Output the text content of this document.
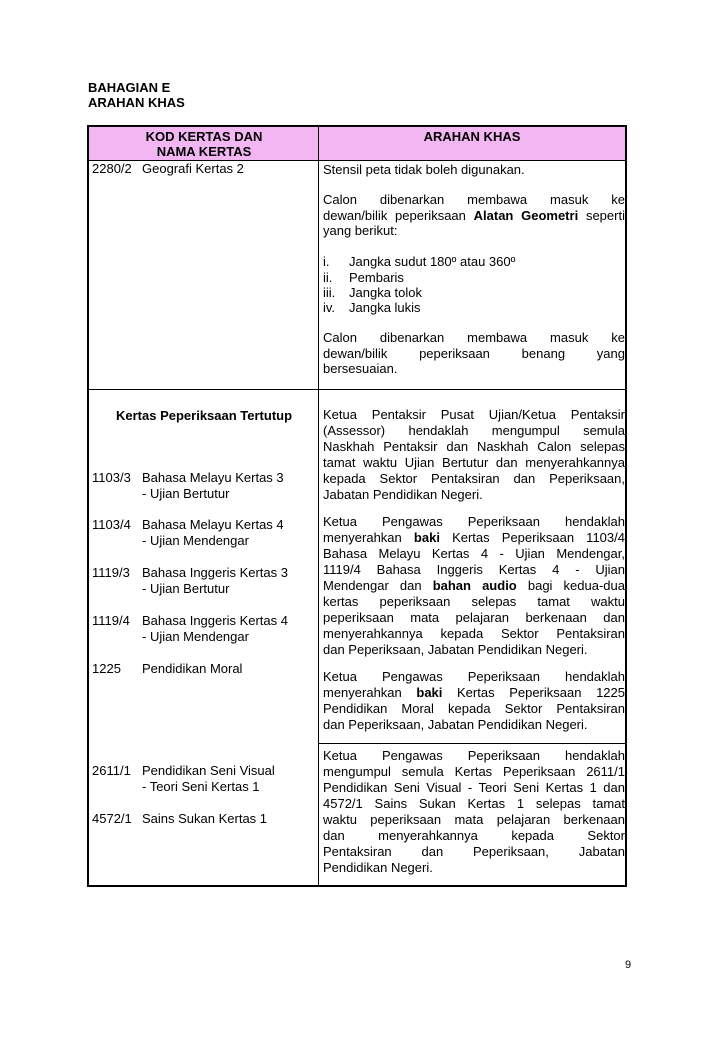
BAHAGIAN E
ARAHAN KHAS
KOD KERTAS DAN
NAMA KERTAS
ARAHAN KHAS
2280/2 Geografi Kertas 2	Stensil peta tidak boleh digunakan.
Calon dibenarkan membawa masuk ke
dewan/bilik peperiksaan Alatan Geometri seperti
yang berikut:
i. Jangka sudut 180º atau 360º
ii. Pembaris
iii. Jangka tolok
iv. Jangka lukis
Calon dibenarkan membawa masuk ke
dewan/bilik peperiksaan benang yang
bersesuaian.
Kertas Peperiksaan Tertutup
1103/3 Bahasa Melayu Kertas 3
- Ujian Bertutur
1103/4 Bahasa Melayu Kertas 4
- Ujian Mendengar
1119/3 Bahasa Inggeris Kertas 3
- Ujian Bertutur
1119/4 Bahasa Inggeris Kertas 4
- Ujian Mendengar
1225 Pendidikan Moral
Ketua Pentaksir Pusat Ujian/Ketua Pentaksir
(Assessor) hendaklah mengumpul semula
Naskhah Pentaksir dan Naskhah Calon selepas
tamat waktu Ujian Bertutur dan menyerahkannya
kepada Sektor Pentaksiran dan Peperiksaan,
Jabatan Pendidikan Negeri.
Ketua Pengawas Peperiksaan hendaklah
menyerahkan baki Kertas Peperiksaan 1103/4
Bahasa Melayu Kertas 4 - Ujian Mendengar,
1119/4 Bahasa Inggeris Kertas 4 - Ujian
Mendengar dan bahan audio bagi kedua-dua
kertas peperiksaan selepas tamat waktu
peperiksaan mata pelajaran berkenaan dan
menyerahkannya kepada Sektor Pentaksiran
dan Peperiksaan, Jabatan Pendidikan Negeri.
Ketua Pengawas Peperiksaan hendaklah
menyerahkan baki Kertas Peperiksaan 1225
Pendidikan Moral kepada Sektor Pentaksiran
dan Peperiksaan, Jabatan Pendidikan Negeri.
2611/1 Pendidikan Seni Visual
- Teori Seni Kertas 1
4572/1 Sains Sukan Kertas 1
Ketua Pengawas Peperiksaan hendaklah
mengumpul semula Kertas Peperiksaan 2611/1
Pendidikan Seni Visual - Teori Seni Kertas 1 dan
4572/1 Sains Sukan Kertas 1 selepas tamat
waktu peperiksaan mata pelajaran berkenaan
dan menyerahkannya kepada Sektor
Pentaksiran dan Peperiksaan, Jabatan
Pendidikan Negeri.
9
